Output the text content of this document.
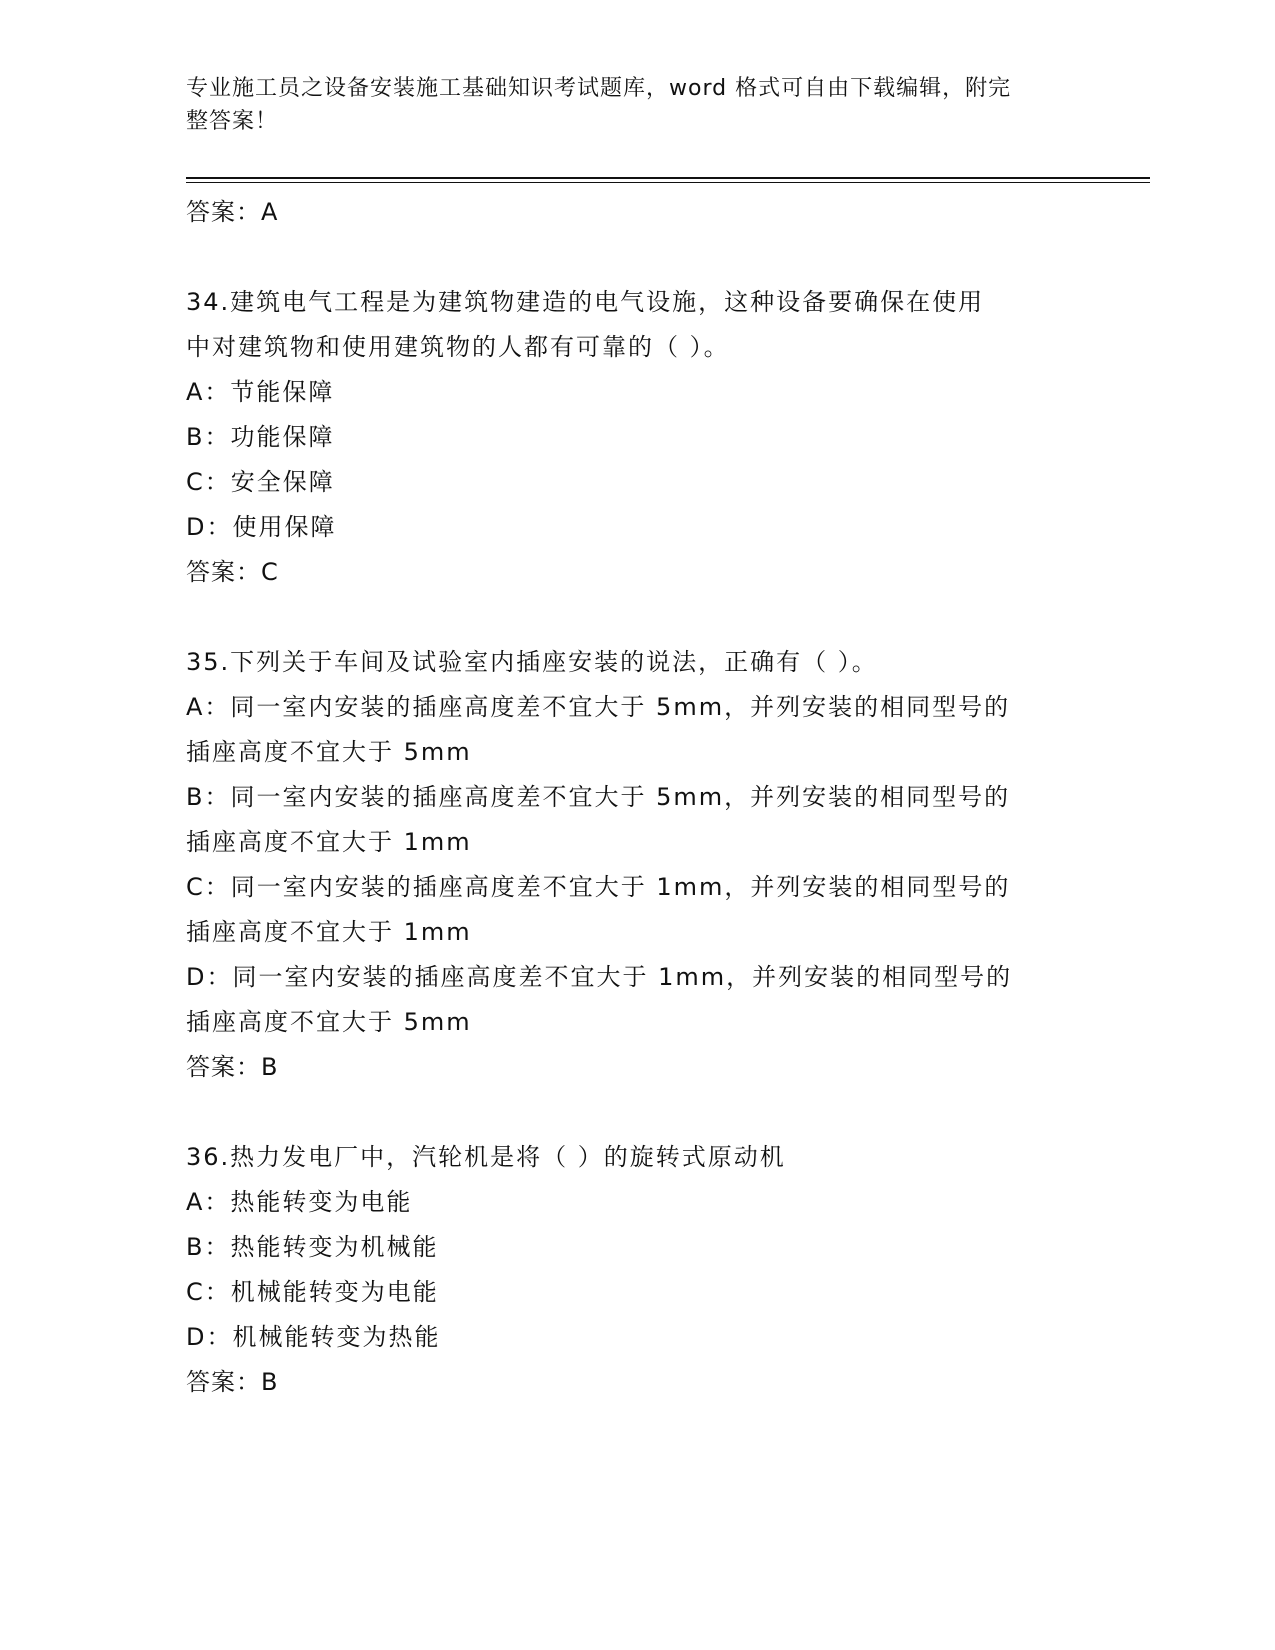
专业施工员之设备安装施工基础知识考试题库，word 格式可自由下载编辑，附完
整答案！
答案：A
34.建筑电气工程是为建筑物建造的电气设施，这种设备要确保在使用
中对建筑物和使用建筑物的人都有可靠的（ ）。
A：节能保障
B：功能保障
C：安全保障
D：使用保障
答案：C
35.下列关于车间及试验室内插座安装的说法，正确有（ ）。
A：同一室内安装的插座高度差不宜大于 5mm，并列安装的相同型号的
插座高度不宜大于 5mm
B：同一室内安装的插座高度差不宜大于 5mm，并列安装的相同型号的
插座高度不宜大于 1mm
C：同一室内安装的插座高度差不宜大于 1mm，并列安装的相同型号的
插座高度不宜大于 1mm
D：同一室内安装的插座高度差不宜大于 1mm，并列安装的相同型号的
插座高度不宜大于 5mm
答案：B
36.热力发电厂中，汽轮机是将（ ）的旋转式原动机
A：热能转变为电能
B：热能转变为机械能
C：机械能转变为电能
D：机械能转变为热能
答案：B
